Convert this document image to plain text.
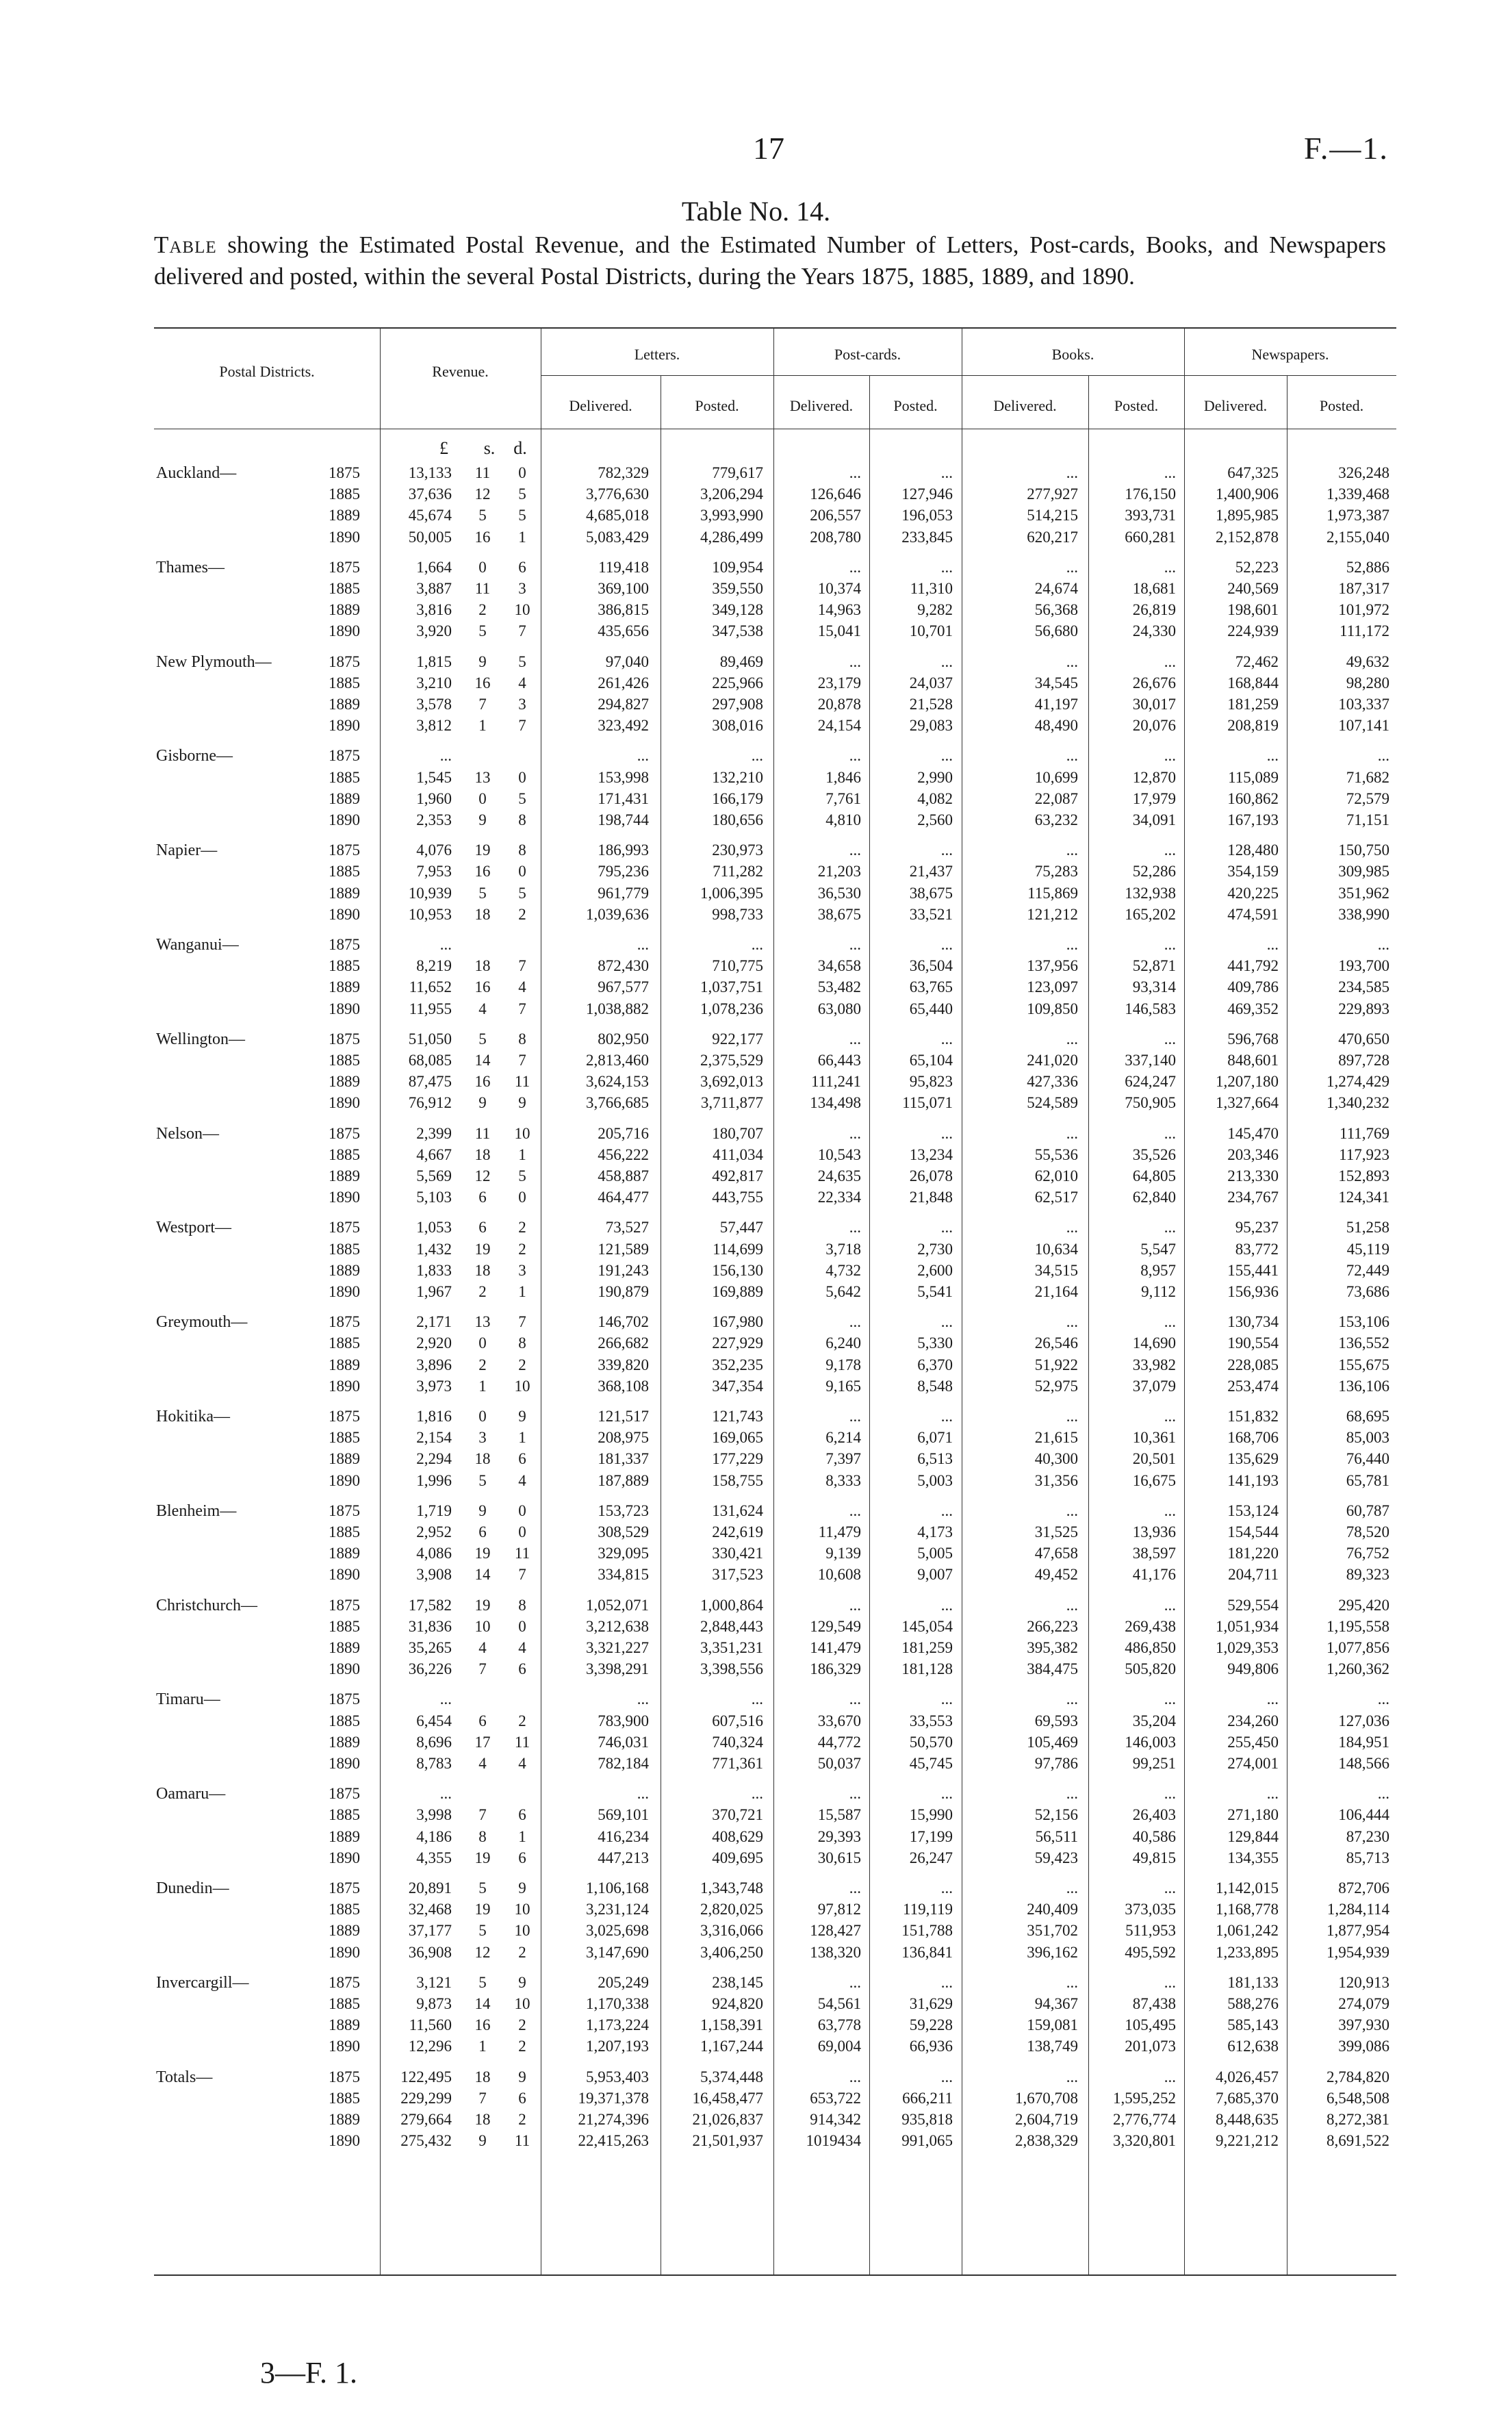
17	F.—1.
Table No. 14.
Table showing the Estimated Postal Revenue, and the Estimated Number of Letters, Post-cards, Books, and Newspapers delivered and posted, within the several Postal Districts, during the Years 1875, 1885, 1889, and 1890.
Postal Districts.	Revenue.
Letters.	Post-cards.	Books.	Newspapers.
Delivered.	Posted.	Delivered.	Posted.	Delivered.	Posted.	Delivered.	Posted.
£ s. d.
Auckland—	1875	13,133 11	0	782,329	779,617	...	...	...	...	647,325	326,248
1885	37,636 12	5	3,776,630	3,206,294	126,646	127,946	277,927	176,150	1,400,906	1,339,468
1889	45,674	5	5	4,685,018	3,993,990	206,557	196,053	514,215	393,731	1,895,985	1,973,387
1890	50,005 16	1	5,083,429	4,286,499	208,780	233,845	620,217	660,281	2,152,878	2,155,040
Thames—	1875	1,664	0	6	119,418	109,954	...	...	...	...	52,223	52,886
1885	3,887 11	3	369,100	359,550	10,374	11,310	24,674	18,681	240,569	187,317
1889	3,816	2	10	386,815	349,128	14,963	9,282	56,368	26,819	198,601	101,972
1890	3,920	5	7	435,656	347,538	15,041	10,701	56,680	24,330	224,939	111,172
New Plymouth—	1875	1,815	9	5	97,040	89,469	...	...	...	...	72,462	49,632
1885	3,210 16	4	261,426	225,966	23,179	24,037	34,545	26,676	168,844	98,280
1889	3,578	7	3	294,827	297,908	20,878	21,528	41,197	30,017	181,259	103,337
1890	3,812	1	7	323,492	308,016	24,154	29,083	48,490	20,076	208,819	107,141
Gisborne—	1875	...	...	...	...	...	...	...	...	...
1885	1,545 13	0	153,998	132,210	1,846	2,990	10,699	12,870	115,089	71,682
1889	1,960	0	5	171,431	166,179	7,761	4,082	22,087	17,979	160,862	72,579
1890	2,353	9	8	198,744	180,656	4,810	2,560	63,232	34,091	167,193	71,151
Napier—	1875	4,076 19	8	186,993	230,973	...	...	...	...	128,480	150,750
1885	7,953 16	0	795,236	711,282	21,203	21,437	75,283	52,286	354,159	309,985
1889	10,939	5	5	961,779	1,006,395	36,530	38,675	115,869	132,938	420,225	351,962
1890	10,953 18	2	1,039,636	998,733	38,675	33,521	121,212	165,202	474,591	338,990
Wanganui—	1875	...	...	...	...	...	...	...	...	...
1885	8,219 18	7	872,430	710,775	34,658	36,504	137,956	52,871	441,792	193,700
1889	11,652 16	4	967,577	1,037,751	53,482	63,765	123,097	93,314	409,786	234,585
1890	11,955	4	7	1,038,882	1,078,236	63,080	65,440	109,850	146,583	469,352	229,893
Wellington—	1875	51,050	5	8	802,950	922,177	...	...	...	...	596,768	470,650
1885	68,085 14	7	2,813,460	2,375,529	66,443	65,104	241,020	337,140	848,601	897,728
1889	87,475 16 11	3,624,153	3,692,013	111,241	95,823	427,336	624,247	1,207,180	1,274,429
1890	76,912	9	9	3,766,685	3,711,877	134,498	115,071	524,589	750,905	1,327,664	1,340,232
Nelson—	1875	2,399 11 10	205,716	180,707	...	...	...	...	145,470	111,769
1885	4,667 18	1	456,222	411,034	10,543	13,234	55,536	35,526	203,346	117,923
1889	5,569 12	5	458,887	492,817	24,635	26,078	62,010	64,805	213,330	152,893
1890	5,103	6	0	464,477	443,755	22,334	21,848	62,517	62,840	234,767	124,341
Westport—	1875	1,053	6	2	73,527	57,447	...	...	...	...	95,237	51,258
1885	1,432 19	2	121,589	114,699	3,718	2,730	10,634	5,547	83,772	45,119
1889	1,833 18	3	191,243	156,130	4,732	2,600	34,515	8,957	155,441	72,449
1890	1,967	2	1	190,879	169,889	5,642	5,541	21,164	9,112	156,936	73,686
Greymouth—	1875	2,171 13	7	146,702	167,980	...	...	...	...	130,734	153,106
1885	2,920	0	8	266,682	227,929	6,240	5,330	26,546	14,690	190,554	136,552
1889	3,896	2	2	339,820	352,235	9,178	6,370	51,922	33,982	228,085	155,675
1890	3,973	1	10	368,108	347,354	9,165	8,548	52,975	37,079	253,474	136,106
Hokitika—	1875	1,816	0	9	121,517	121,743	...	...	...	...	151,832	68,695
1885	2,154	3	1	208,975	169,065	6,214	6,071	21,615	10,361	168,706	85,003
1889	2,294 18	6	181,337	177,229	7,397	6,513	40,300	20,501	135,629	76,440
1890	1,996	5	4	187,889	158,755	8,333	5,003	31,356	16,675	141,193	65,781
Blenheim—	1875	1,719	9	0	153,723	131,624	...	...	...	...	153,124	60,787
1885	2,952	6	0	308,529	242,619	11,479	4,173	31,525	13,936	154,544	78,520
1889	4,086 19 11	329,095	330,421	9,139	5,005	47,658	38,597	181,220	76,752
1890	3,908 14	7	334,815	317,523	10,608	9,007	49,452	41,176	204,711	89,323
Christchurch—	1875	17,582 19	8	1,052,071	1,000,864	...	...	...	...	529,554	295,420
1885	31,836 10	0	3,212,638	2,848,443	129,549	145,054	266,223	269,438	1,051,934	1,195,558
1889	35,265	4	4	3,321,227	3,351,231	141,479	181,259	395,382	486,850	1,029,353	1,077,856
1890	36,226	7	6	3,398,291	3,398,556	186,329	181,128	384,475	505,820	949,806	1,260,362
Timaru—	1875	...	...	...	...	...	...	...	...	...
1885	6,454	6	2	783,900	607,516	33,670	33,553	69,593	35,204	234,260	127,036
1889	8,696 17 11	746,031	740,324	44,772	50,570	105,469	146,003	255,450	184,951
1890	8,783	4	4	782,184	771,361	50,037	45,745	97,786	99,251	274,001	148,566
Oamaru—	1875	...	...	...	...	...	...	...	...	...
1885	3,998	7	6	569,101	370,721	15,587	15,990	52,156	26,403	271,180	106,444
1889	4,186	8	1	416,234	408,629	29,393	17,199	56,511	40,586	129,844	87,230
1890	4,355 19	6	447,213	409,695	30,615	26,247	59,423	49,815	134,355	85,713
Dunedin—	1875	20,891	5	9	1,106,168	1,343,748	...	...	...	...	1,142,015	872,706
1885	32,468 19 10	3,231,124	2,820,025	97,812	119,119	240,409	373,035	1,168,778	1,284,114
1889	37,177	5	10	3,025,698	3,316,066	128,427	151,788	351,702	511,953	1,061,242	1,877,954
1890	36,908 12	2	3,147,690	3,406,250	138,320	136,841	396,162	495,592	1,233,895	1,954,939
Invercargill—	1875	3,121	5	9	205,249	238,145	...	...	...	...	181,133	120,913
1885	9,873 14 10	1,170,338	924,820	54,561	31,629	94,367	87,438	588,276	274,079
1889	11,560 16	2	1,173,224	1,158,391	63,778	59,228	159,081	105,495	585,143	397,930
1890	12,296	1	2	1,207,193	1,167,244	69,004	66,936	138,749	201,073	612,638	399,086
Totals—	1875	122,495 18	9	5,953,403	5,374,448	...	...	...	...	4,026,457	2,784,820
1885	229,299	7	6	19,371,378	16,458,477	653,722	666,211	1,670,708	1,595,252	7,685,370	6,548,508
1889	279,664 18	2	21,274,396	21,026,837	914,342	935,818	2,604,719	2,776,774	8,448,635	8,272,381
1890	275,432	9	11	22,415,263	21,501,937	1019434	991,065	2,838,329	3,320,801	9,221,212	8,691,522
3—F. 1.
